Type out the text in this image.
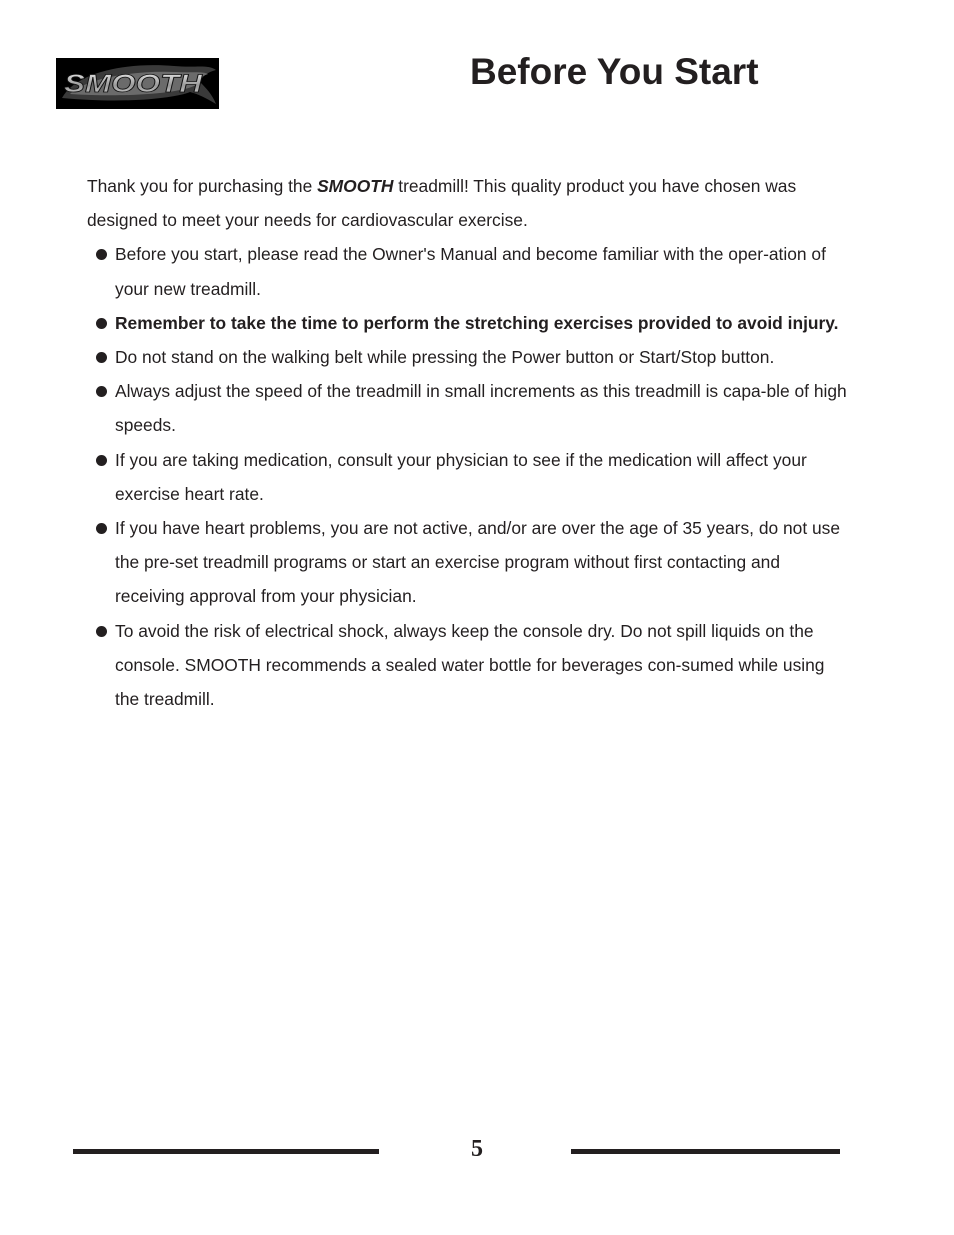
SMOOTH	Before You Start

Thank you for purchasing the SMOOTH treadmill! This quality product you have chosen was designed to meet your needs for cardiovascular exercise.

Before you start, please read the Owner's Manual and become familiar with the oper-ation of your new treadmill.
Remember to take the time to perform the stretching exercises provided to avoid injury.
Do not stand on the walking belt while pressing the Power button or Start/Stop button.
Always adjust the speed of the treadmill in small increments as this treadmill is capa-ble of high speeds.
If you are taking medication, consult your physician to see if the medication will affect your exercise heart rate.
If you have heart problems, you are not active, and/or are over the age of 35 years, do not use the pre-set treadmill programs or start an exercise program without first contacting and receiving approval from your physician.
To avoid the risk of electrical shock, always keep the console dry. Do not spill liquids on the console. SMOOTH recommends a sealed water bottle for beverages con-sumed while using the treadmill.
5
